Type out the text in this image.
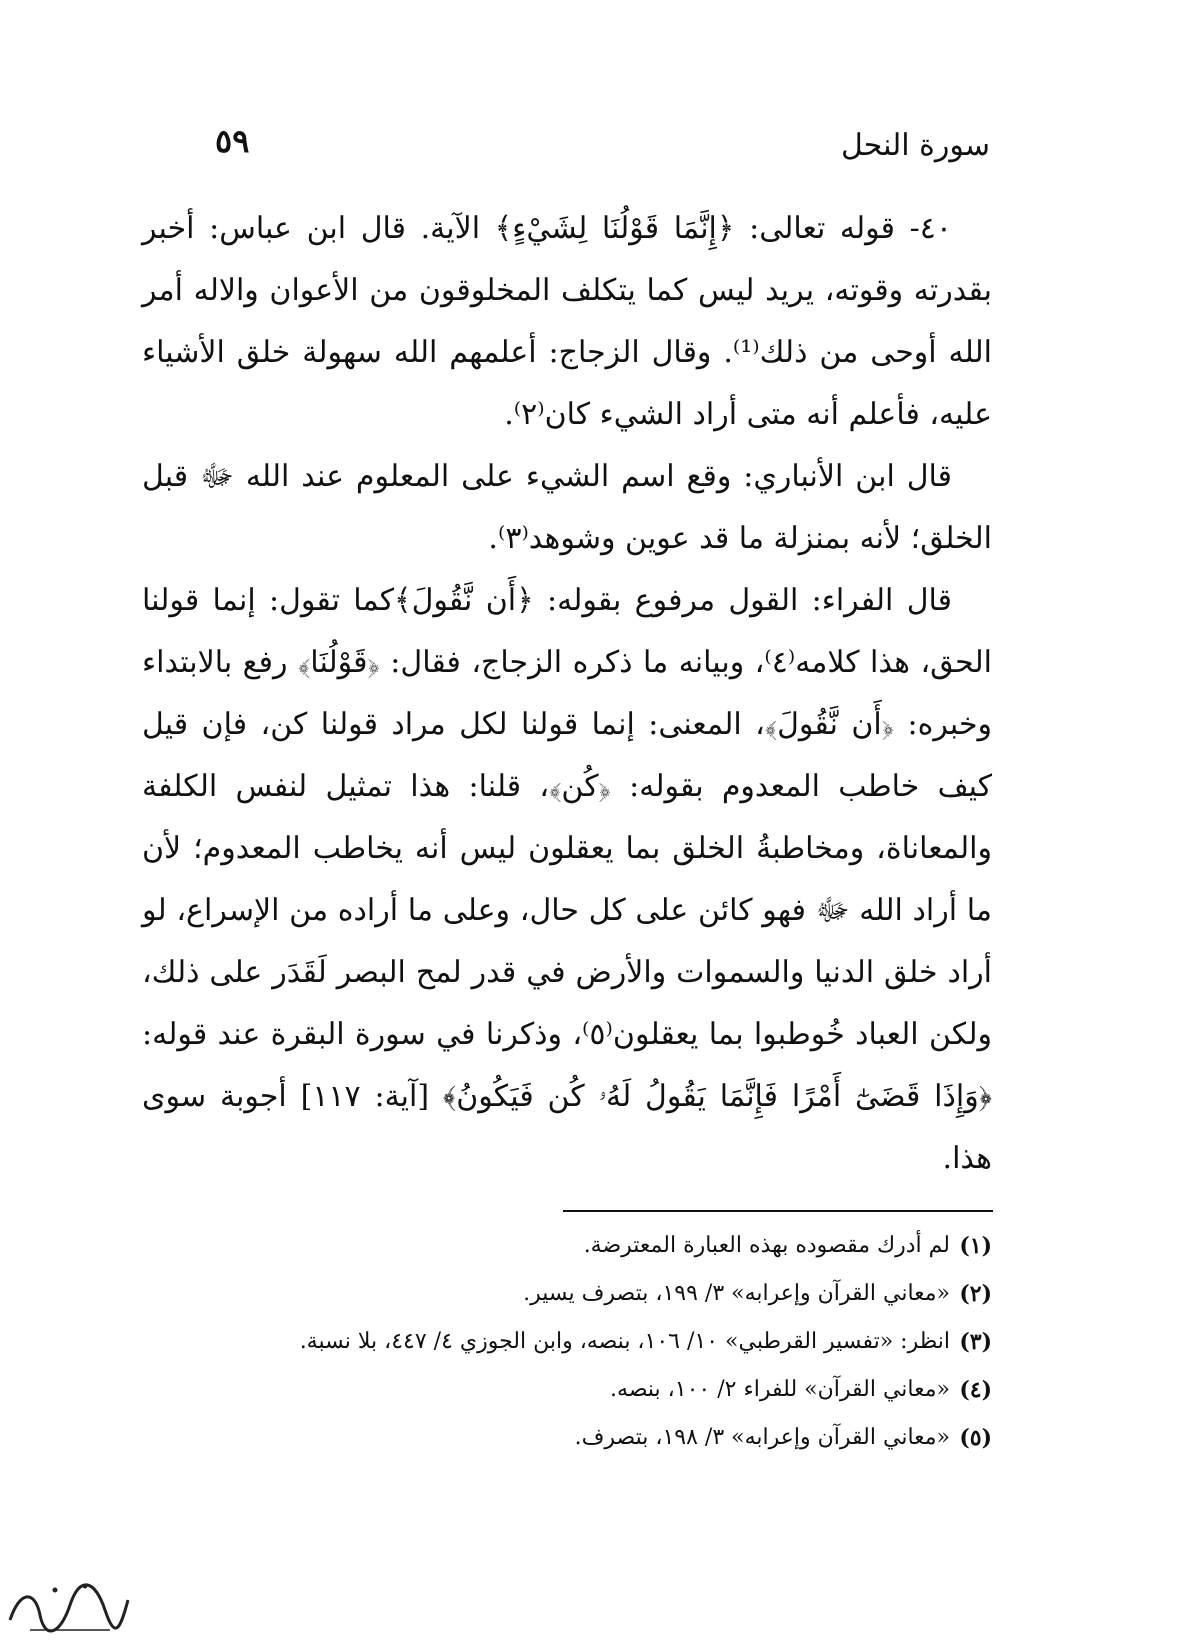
سورة النحل
٥٩

٤٠- قوله تعالى: ﴿إِنَّمَا قَوْلُنَا لِشَيْءٍ﴾ الآية. قال ابن عباس: أخبر بقدرته وقوته، يريد ليس كما يتكلف المخلوقون من الأعوان والاله أمر الله أوحى من ذلك⁽¹⁾. وقال الزجاج: أعلمهم الله سهولة خلق الأشياء عليه، فأعلم أنه متى أراد الشيء كان⁽٢⁾.

قال ابن الأنباري: وقع اسم الشيء على المعلوم عند الله ﷻ قبل الخلق؛ لأنه بمنزلة ما قد عوين وشوهد⁽٣⁾.

قال الفراء: القول مرفوع بقوله: ﴿أَن نَّقُولَ﴾كما تقول: إنما قولنا الحق، هذا كلامه⁽٤⁾، وبيانه ما ذكره الزجاج، فقال: ﴿قَوْلُنَا﴾ رفع بالابتداء وخبره: ﴿أَن نَّقُولَ﴾، المعنى: إنما قولنا لكل مراد قولنا كن، فإن قيل كيف خاطب المعدوم بقوله: ﴿كُن﴾، قلنا: هذا تمثيل لنفس الكلفة والمعاناة، ومخاطبةُ الخلق بما يعقلون ليس أنه يخاطب المعدوم؛ لأن ما أراد الله ﷻ فهو كائن على كل حال، وعلى ما أراده من الإسراع، لو أراد خلق الدنيا والسموات والأرض في قدر لمح البصر لَقَدَر على ذلك، ولكن العباد خُوطبوا بما يعقلون⁽٥⁾، وذكرنا في سورة البقرة عند قوله: ﴿وَإِذَا قَضَىٰٓ أَمْرًا فَإِنَّمَا يَقُولُ لَهُۥ كُن فَيَكُونُ﴾ [آية: ١١٧] أجوبة سوى هذا.

(١)
لم أدرك مقصوده بهذه العبارة المعترضة.
(٢)
«معاني القرآن وإعرابه» ٣/ ١٩٩، بتصرف يسير.
(٣)
انظر: «تفسير القرطبي» ١٠/ ١٠٦، بنصه، وابن الجوزي ٤/ ٤٤٧، بلا نسبة.
(٤)
«معاني القرآن» للفراء ٢/ ١٠٠، بنصه.
(٥)
«معاني القرآن وإعرابه» ٣/ ١٩٨، بتصرف.
